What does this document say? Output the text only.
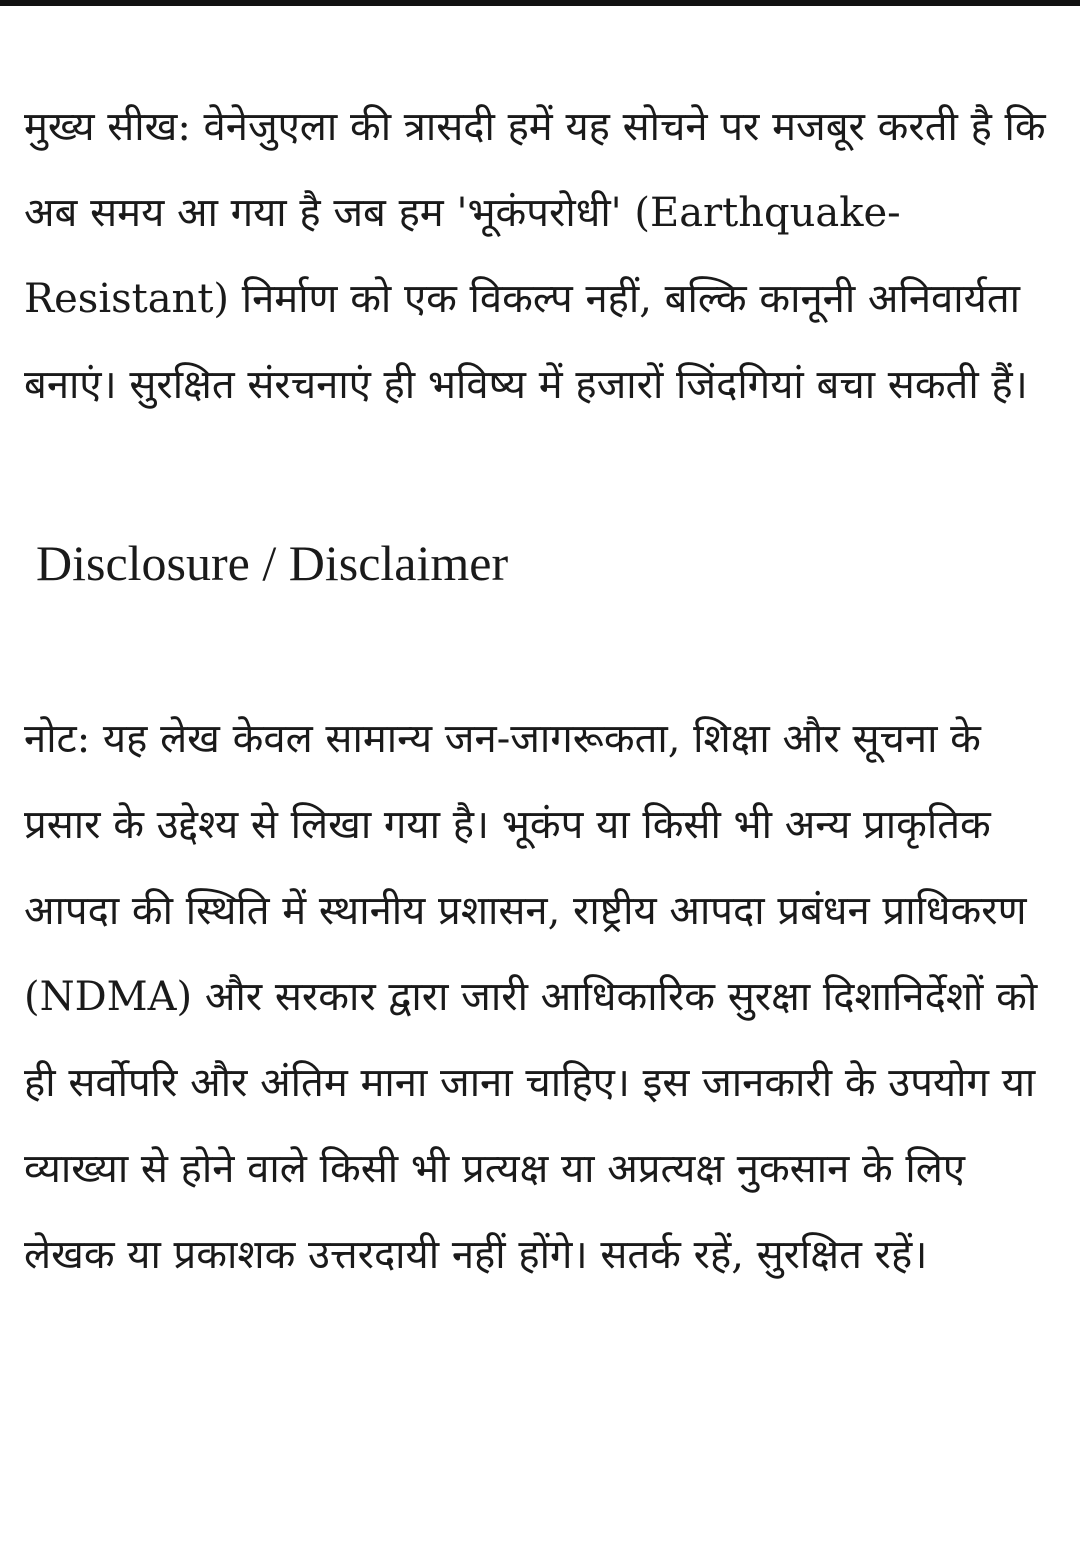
मुख्य सीख: वेनेजुएला की त्रासदी हमें यह सोचने पर मजबूर करती है कि अब समय आ गया है जब हम 'भूकंपरोधी' (Earthquake-Resistant) निर्माण को एक विकल्प नहीं, बल्कि कानूनी अनिवार्यता बनाएं। सुरक्षित संरचनाएं ही भविष्य में हजारों जिंदगियां बचा सकती हैं।

Disclosure / Disclaimer

नोट: यह लेख केवल सामान्य जन-जागरूकता, शिक्षा और सूचना के प्रसार के उद्देश्य से लिखा गया है। भूकंप या किसी भी अन्य प्राकृतिक आपदा की स्थिति में स्थानीय प्रशासन, राष्ट्रीय आपदा प्रबंधन प्राधिकरण (NDMA) और सरकार द्वारा जारी आधिकारिक सुरक्षा दिशानिर्देशों को ही सर्वोपरि और अंतिम माना जाना चाहिए। इस जानकारी के उपयोग या व्याख्या से होने वाले किसी भी प्रत्यक्ष या अप्रत्यक्ष नुकसान के लिए लेखक या प्रकाशक उत्तरदायी नहीं होंगे। सतर्क रहें, सुरक्षित रहें।
